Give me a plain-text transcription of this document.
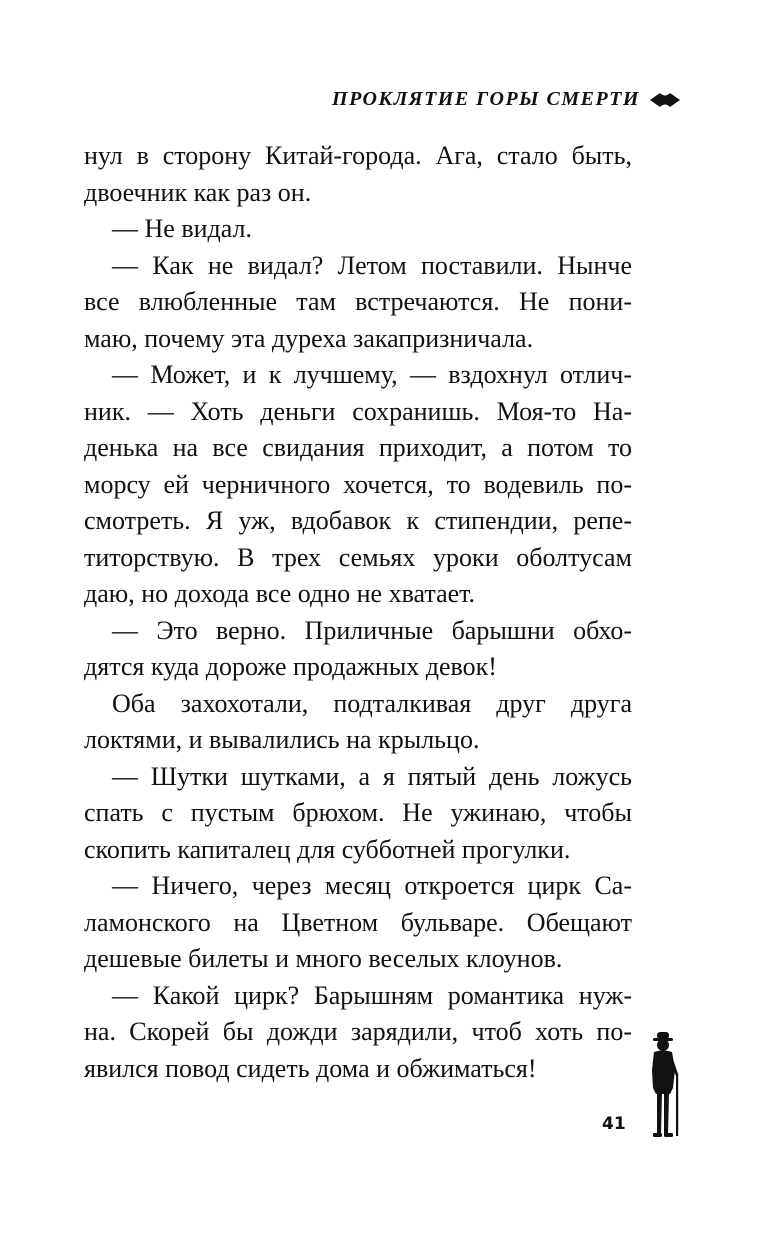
ПРОКЛЯТИЕ ГОРЫ СМЕРТИ
нул в сторону Китай-города. Ага, стало быть,
двоечник как раз он.
— Не видал.
— Как не видал? Летом поставили. Нынче
все влюбленные там встречаются. Не пони-
маю, почему эта дуреха закапризничала.
— Может, и к лучшему, — вздохнул отлич-
ник. — Хоть деньги сохранишь. Моя-то На-
денька на все свидания приходит, а потом то
морсу ей черничного хочется, то водевиль по-
смотреть. Я уж, вдобавок к стипендии, репе-
титорствую. В трех семьях уроки оболтусам
даю, но дохода все одно не хватает.
— Это верно. Приличные барышни обхо-
дятся куда дороже продажных девок!
Оба захохотали, подталкивая друг друга
локтями, и вывалились на крыльцо.
— Шутки шутками, а я пятый день ложусь
спать с пустым брюхом. Не ужинаю, чтобы
скопить капиталец для субботней прогулки.
— Ничего, через месяц откроется цирк Са-
ламонского на Цветном бульваре. Обещают
дешевые билеты и много веселых клоунов.
— Какой цирк? Барышням романтика нуж-
на. Скорей бы дожди зарядили, чтоб хоть по-
явился повод сидеть дома и обжиматься!
41
